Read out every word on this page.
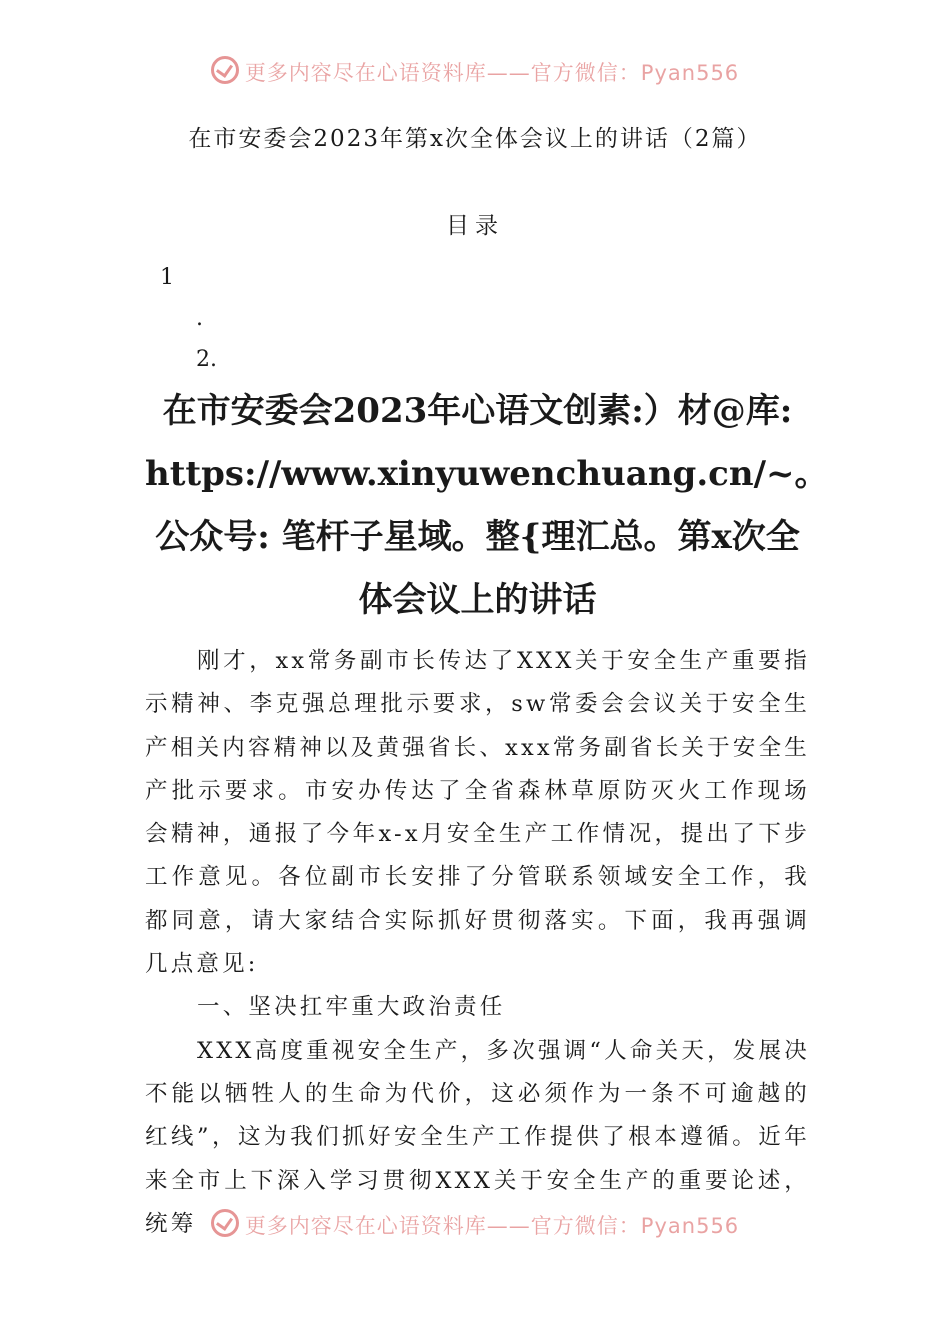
更多内容尽在心语资料库——官方微信：Pyan556
在市安委会2023年第x次全体会议上的讲话（2篇）
目录
1
.
2.
在市安委会2023年心语文创素:）材@库: https://www.xinyuwenchuang.cn/~。公众号: 笔杆子星域。整{理汇总。第x次全体会议上的讲话

刚才，xx常务副市长传达了XXX关于安全生产重要指示精神、李克强总理批示要求，sw常委会会议关于安全生产相关内容精神以及黄强省长、xxx常务副省长关于安全生产批示要求。市安办传达了全省森林草原防灭火工作现场会精神，通报了今年x-x月安全生产工作情况，提出了下步工作意见。各位副市长安排了分管联系领域安全工作，我都同意，请大家结合实际抓好贯彻落实。下面，我再强调几点意见:

一、坚决扛牢重大政治责任

XXX高度重视安全生产，多次强调“人命关天，发展决不能以牺牲人的生命为代价，这必须作为一条不可逾越的红线”，这为我们抓好安全生产工作提供了根本遵循。近年来全市上下深入学习贯彻XXX关于安全生产的重要论述，统筹	更多内容尽在心语资料库——官方微信：Pyan556
